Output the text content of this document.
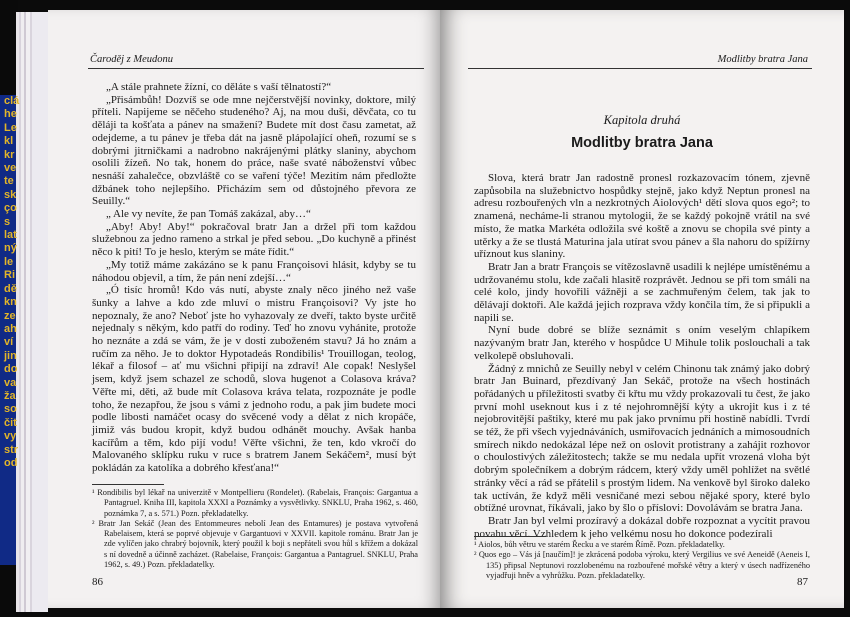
clá
he
Le
kl
kr
ve
te
sk
ço
s
lat
ný
le
Ri
dě
kn
ze
ah
ví
jin
do
va
ža
so
čit
vy
str
od
Čaroděj z Meudonu

„A stále prahnete žízní, co děláte s vaší tělnatostí?“

„Přisámbůh! Dozvíš se ode mne nejčerstvější novinky, doktore, milý příteli. Napijeme se něčeho studeného? Aj, na mou duši, děvčata, co tu děláji ta košťata a pánev na smažení? Budete mít dost času zametat, až odejdeme, a tu pánev je třeba dát na jasně plápolající oheň, rozumí se s dobrými jitrničkami a nadrobno nakrájenými plátky slaniny, abychom osolili žízeň. No tak, honem do práce, naše svaté náboženství vůbec nesnáší zahalečce, obzvláště co se vaření týče! Mezitím nám předložte džbánek toho nejlepšího. Přicházím sem od důstojného převora ze Seuilly.“

„ Ale vy nevíte, že pan Tomáš zakázal, aby…“

„Aby! Aby! Aby!“ pokračoval bratr Jan a držel při tom každou služebnou za jedno rameno a strkal je před sebou. „Do kuchyně a přinést něco k pití! To je heslo, kterým se máte řídit.“

„My totiž máme zakázáno se k panu Françoisovi hlásit, kdyby se tu náhodou objevil, a tím, že pán není zdejší…“

„Ó tisíc hromů! Kdo vás nutí, abyste znaly něco jiného než vaše šunky a lahve a kdo zde mluví o mistru Françoisovi? Vy jste ho nepoznaly, že ano? Neboť jste ho vyhazovaly ze dveří, takto byste určitě nejednaly s někým, kdo patří do rodiny. Teď ho znovu vyhánite, protože ho neznáte a zdá se vám, že je v dosti zuboženém stavu? Já ho znám a ručím za něho. Je to doktor Hypotadeás Rondibilis¹ Trouillogan, teolog, lékař a filosof – ať mu všichni připijí na zdraví! Ale copak! Neslyšel jsem, když jsem schazel ze schodů, slova hugenot a Colasova kráva? Věřte mi, děti, až bude mít Colasova kráva telata, rozpoznáte je podle toho, že nezapřou, že jsou s vámi z jednoho rodu, a pak jim budete moci podle libosti namáčet ocasy do svěcené vody a dělat z nich kropáče, jimiž vás budou kropit, když budou odhánět mouchy. Avšak hanba kacířům a těm, kdo pijí vodu! Věřte všichni, že ten, kdo vkročí do Malovaného sklípku ruku v ruce s bratrem Janem Sekáčem², musí být pokládán za katolíka a dobrého křesťana!“

¹ Rondibilis byl lékař na univerzitě v Montpellieru (Rondelet). (Rabelais, François: Gargantua a Pantagruel. Kniha III, kapitola XXXI a Poznámky a vysvětlivky. SNKLU, Praha 1962, s. 460, poznámka 7, a s. 571.) Pozn. překladatelky.

² Bratr Jan Sekáč (Jean des Entommeures nebolí Jean des Entamures) je postava vytvořená Rabelaisem, která se poprvé objevuje v Gargantuovi v XXVII. kapitole románu. Bratr Jan je zde vylíčen jako chrabrý bojovník, který použil k boji s nepřáteli svou hůl s křížem a dokázal s ní dovedně a účinně zacházet. (Rabelaise, François: Gargantua a Pantagruel. SNKLU, Praha 1962, s. 49.) Pozn. překladatelky.

86
Modlitby bratra Jana
Kapitola druhá
Modlitby bratra Jana

Slova, která bratr Jan radostně pronesl rozkazovacím tónem, zjevně zapůsobila na služebnictvo hospůdky stejně, jako když Neptun pronesl na adresu rozbouřených vln a nezkrotných Aiolových¹ dětí slova quos ego²; to znamená, necháme-li stranou mytologii, že se každý pokojně vrátil na své místo, že matka Markéta odložila své koště a znovu se chopila své pinty a utěrky a že se tlustá Maturina jala utírat svou pánev a šla nahoru do spížírny uříznout kus slaniny.

Bratr Jan a bratr François se vítězoslavně usadili k nejlépe umístěnému a udržovanému stolu, kde začali hlasitě rozprávět. Jednou se při tom smáli na celé kolo, jindy hovořili vážněji a se zachmuřeným čelem, tak jak to dělávají doktoři. Ale každá jejich rozprava vždy končila tím, že si připukli a napili se.

Nyní bude dobré se blíže seznámit s oním veselým chlapíkem nazývaným bratr Jan, kterého v hospůdce U Mihule tolik poslouchali a tak velkolepě obsluhovali.

Žádný z mnichů ze Seuilly nebyl v celém Chinonu tak známý jako dobrý bratr Jan Buinard, přezdívaný Jan Sekáč, protože na všech hostinách pořádaných u příležitosti svatby či křtu mu vždy prokazovali tu čest, že jako první mohl useknout kus i z té nejohromnější kýty a ukrojit kus i z té nejobrovitější paštiky, které mu pak jako prvnímu při hostině nabídli. Tvrdí se též, že při všech vyjednáváních, usmiřovacích jednáních a mimosoudních smírech nikdo nedokázal lépe než on oslovit protistrany a zahájit rozhovor o choulostivých záležitostech; takže se mu nedala upřít vrozená vloha být dobrým společníkem a dobrým rádcem, který vždy uměl pohlížet na světlé stránky věcí a rád se přátelil s prostým lidem. Na venkově byl široko daleko tak uctíván, že když měli vesničané mezi sebou nějaké spory, které bylo obtížné urovnat, říkávali, jako by šlo o příslovi: Dovolávám se bratra Jana.

Bratr Jan byl velmi prozíravý a dokázal dobře rozpoznat a vycítit pravou povahu věcí. Vzhledem k jeho velkému nosu ho dokonce podezírali

¹ Aiolos, bůh větru ve starém Řecku a ve starém Římě. Pozn. překladatelky.

² Quos ego – Vás já [naučím]! je zkrácená podoba výroku, který Vergilius ve své Aeneidě (Aeneis I, 135) připsal Neptunovi rozzlobenému na rozbouřené mořské větry a který v úsech nadřízeného vyjadřuji hněv a vyhrůžku. Pozn. překladatelky.

87
